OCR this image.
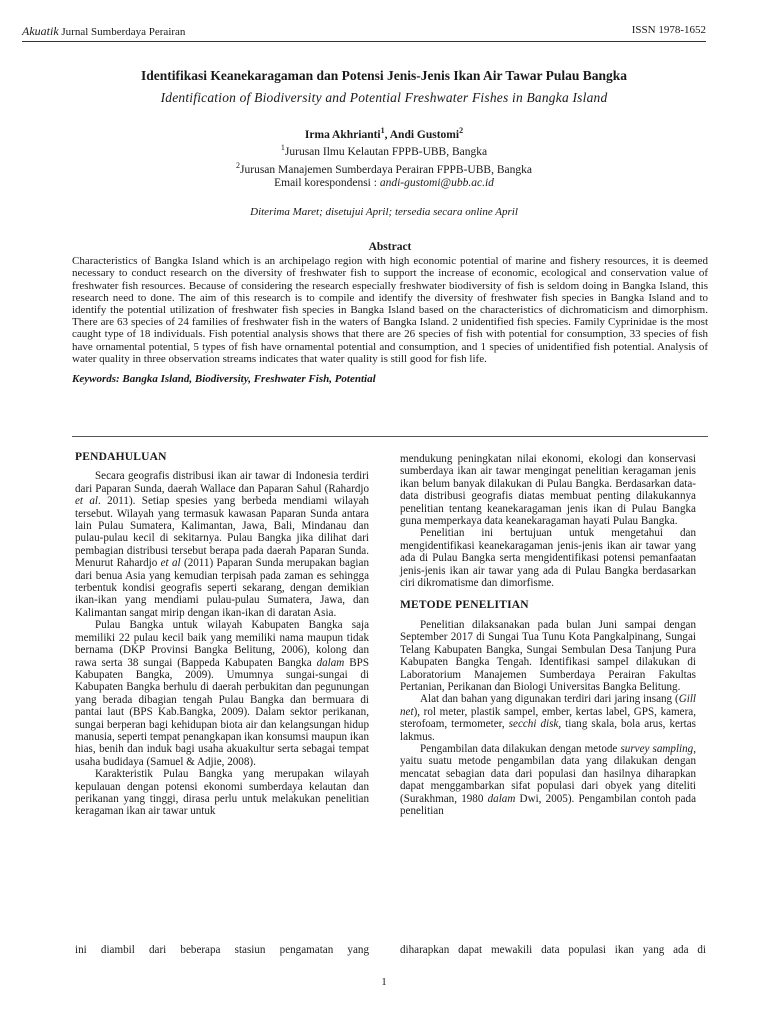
Akuatik Jurnal Sumberdaya Perairan	ISSN 1978-1652

Identifikasi Keanekaragaman dan Potensi Jenis-Jenis Ikan Air Tawar Pulau Bangka

Identification of Biodiversity and Potential Freshwater Fishes in Bangka Island

Irma Akhrianti$^1$, Andi Gustomi$^2$
$^1$Jurusan Ilmu Kelautan FPPB-UBB, Bangka
$^2$Jurusan Manajemen Sumberdaya Perairan FPPB-UBB, Bangka
Email korespondensi : andi-gustomi@ubb.ac.id
Diterima Maret; disetujui April; tersedia secara online April
Abstract
Characteristics of Bangka Island which is an archipelago region with high economic potential of marine and fishery resources, it is deemed necessary to conduct research on the diversity of freshwater fish to support the increase of economic, ecological and conservation value of freshwater fish resources. Because of considering the research especially freshwater biodiversity of fish is seldom doing in Bangka Island, this research need to done. The aim of this research is to compile and identify the diversity of freshwater fish species in Bangka Island and to identify the potential utilization of freshwater fish species in Bangka Island based on the characteristics of dichromaticism and dimorphism. There are 63 species of 24 families of freshwater fish in the waters of Bangka Island. 2 unidentified fish species. Family Cyprinidae is the most caught type of 18 individuals. Fish potential analysis shows that there are 26 species of fish with potential for consumption, 33 species of fish have ornamental potential, 5 types of fish have ornamental potential and consumption, and 1 species of unidentified fish potential. Analysis of water quality in three observation streams indicates that water quality is still good for fish life.
Keywords: Bangka Island, Biodiversity, Freshwater Fish, Potential
PENDAHULUAN

Secara geografis distribusi ikan air tawar di Indonesia terdiri dari Paparan Sunda, daerah Wallace dan Paparan Sahul (Rahardjo et al. 2011). Setiap spesies yang berbeda mendiami wilayah tersebut. Wilayah yang termasuk kawasan Paparan Sunda antara lain Pulau Sumatera, Kalimantan, Jawa, Bali, Mindanau dan pulau-pulau kecil di sekitarnya. Pulau Bangka jika dilihat dari pembagian distribusi tersebut berapa pada daerah Paparan Sunda. Menurut Rahardjo et al (2011) Paparan Sunda merupakan bagian dari benua Asia yang kemudian terpisah pada zaman es sehingga terbentuk kondisi geografis seperti sekarang, dengan demikian ikan-ikan yang mendiami pulau-pulau Sumatera, Jawa, dan Kalimantan sangat mirip dengan ikan-ikan di daratan Asia.

Pulau Bangka untuk wilayah Kabupaten Bangka saja memiliki 22 pulau kecil baik yang memiliki nama maupun tidak bernama (DKP Provinsi Bangka Belitung, 2006), kolong dan rawa serta 38 sungai (Bappeda Kabupaten Bangka dalam BPS Kabupaten Bangka, 2009). Umumnya sungai-sungai di Kabupaten Bangka berhulu di daerah perbukitan dan pegunungan yang berada dibagian tengah Pulau Bangka dan bermuara di pantai laut (BPS Kab.Bangka, 2009). Dalam sektor perikanan, sungai berperan bagi kehidupan biota air dan kelangsungan hidup manusia, seperti tempat penangkapan ikan konsumsi maupun ikan hias, benih dan induk bagi usaha akuakultur serta sebagai tempat usaha budidaya (Samuel & Adjie, 2008).

Karakteristik Pulau Bangka yang merupakan wilayah kepulauan dengan potensi ekonomi sumberdaya kelautan dan perikanan yang tinggi, dirasa perlu untuk melakukan penelitian keragaman ikan air tawar untuk

mendukung peningkatan nilai ekonomi, ekologi dan konservasi sumberdaya ikan air tawar mengingat penelitian keragaman jenis ikan belum banyak dilakukan di Pulau Bangka. Berdasarkan data-data distribusi geografis diatas membuat penting dilakukannya penelitian tentang keanekaragaman jenis ikan di Pulau Bangka guna memperkaya data keanekaragaman hayati Pulau Bangka.

Penelitian ini bertujuan untuk mengetahui dan mengidentifikasi keanekaragaman jenis-jenis ikan air tawar yang ada di Pulau Bangka serta mengidentifikasi potensi pemanfaatan jenis-jenis ikan air tawar yang ada di Pulau Bangka berdasarkan ciri dikromatisme dan dimorfisme.

METODE PENELITIAN

Penelitian dilaksanakan pada bulan Juni sampai dengan September 2017 di Sungai Tua Tunu Kota Pangkalpinang, Sungai Telang Kabupaten Bangka, Sungai Sembulan Desa Tanjung Pura Kabupaten Bangka Tengah. Identifikasi sampel dilakukan di Laboratorium Manajemen Sumberdaya Perairan Fakultas Pertanian, Perikanan dan Biologi Universitas Bangka Belitung.

Alat dan bahan yang digunakan terdiri dari jaring insang (Gill net), rol meter, plastik sampel, ember, kertas label, GPS, kamera, sterofoam, termometer, secchi disk, tiang skala, bola arus, kertas lakmus.

Pengambilan data dilakukan dengan metode survey sampling, yaitu suatu metode pengambilan data yang dilakukan dengan mencatat sebagian data dari populasi dan hasilnya diharapkan dapat menggambarkan sifat populasi dari obyek yang diteliti (Surakhman, 1980 dalam Dwi, 2005). Pengambilan contoh pada penelitian

ini diambil dari beberapa stasiun pengamatan yang	diharapkan dapat mewakili data populasi ikan yang ada di
1
